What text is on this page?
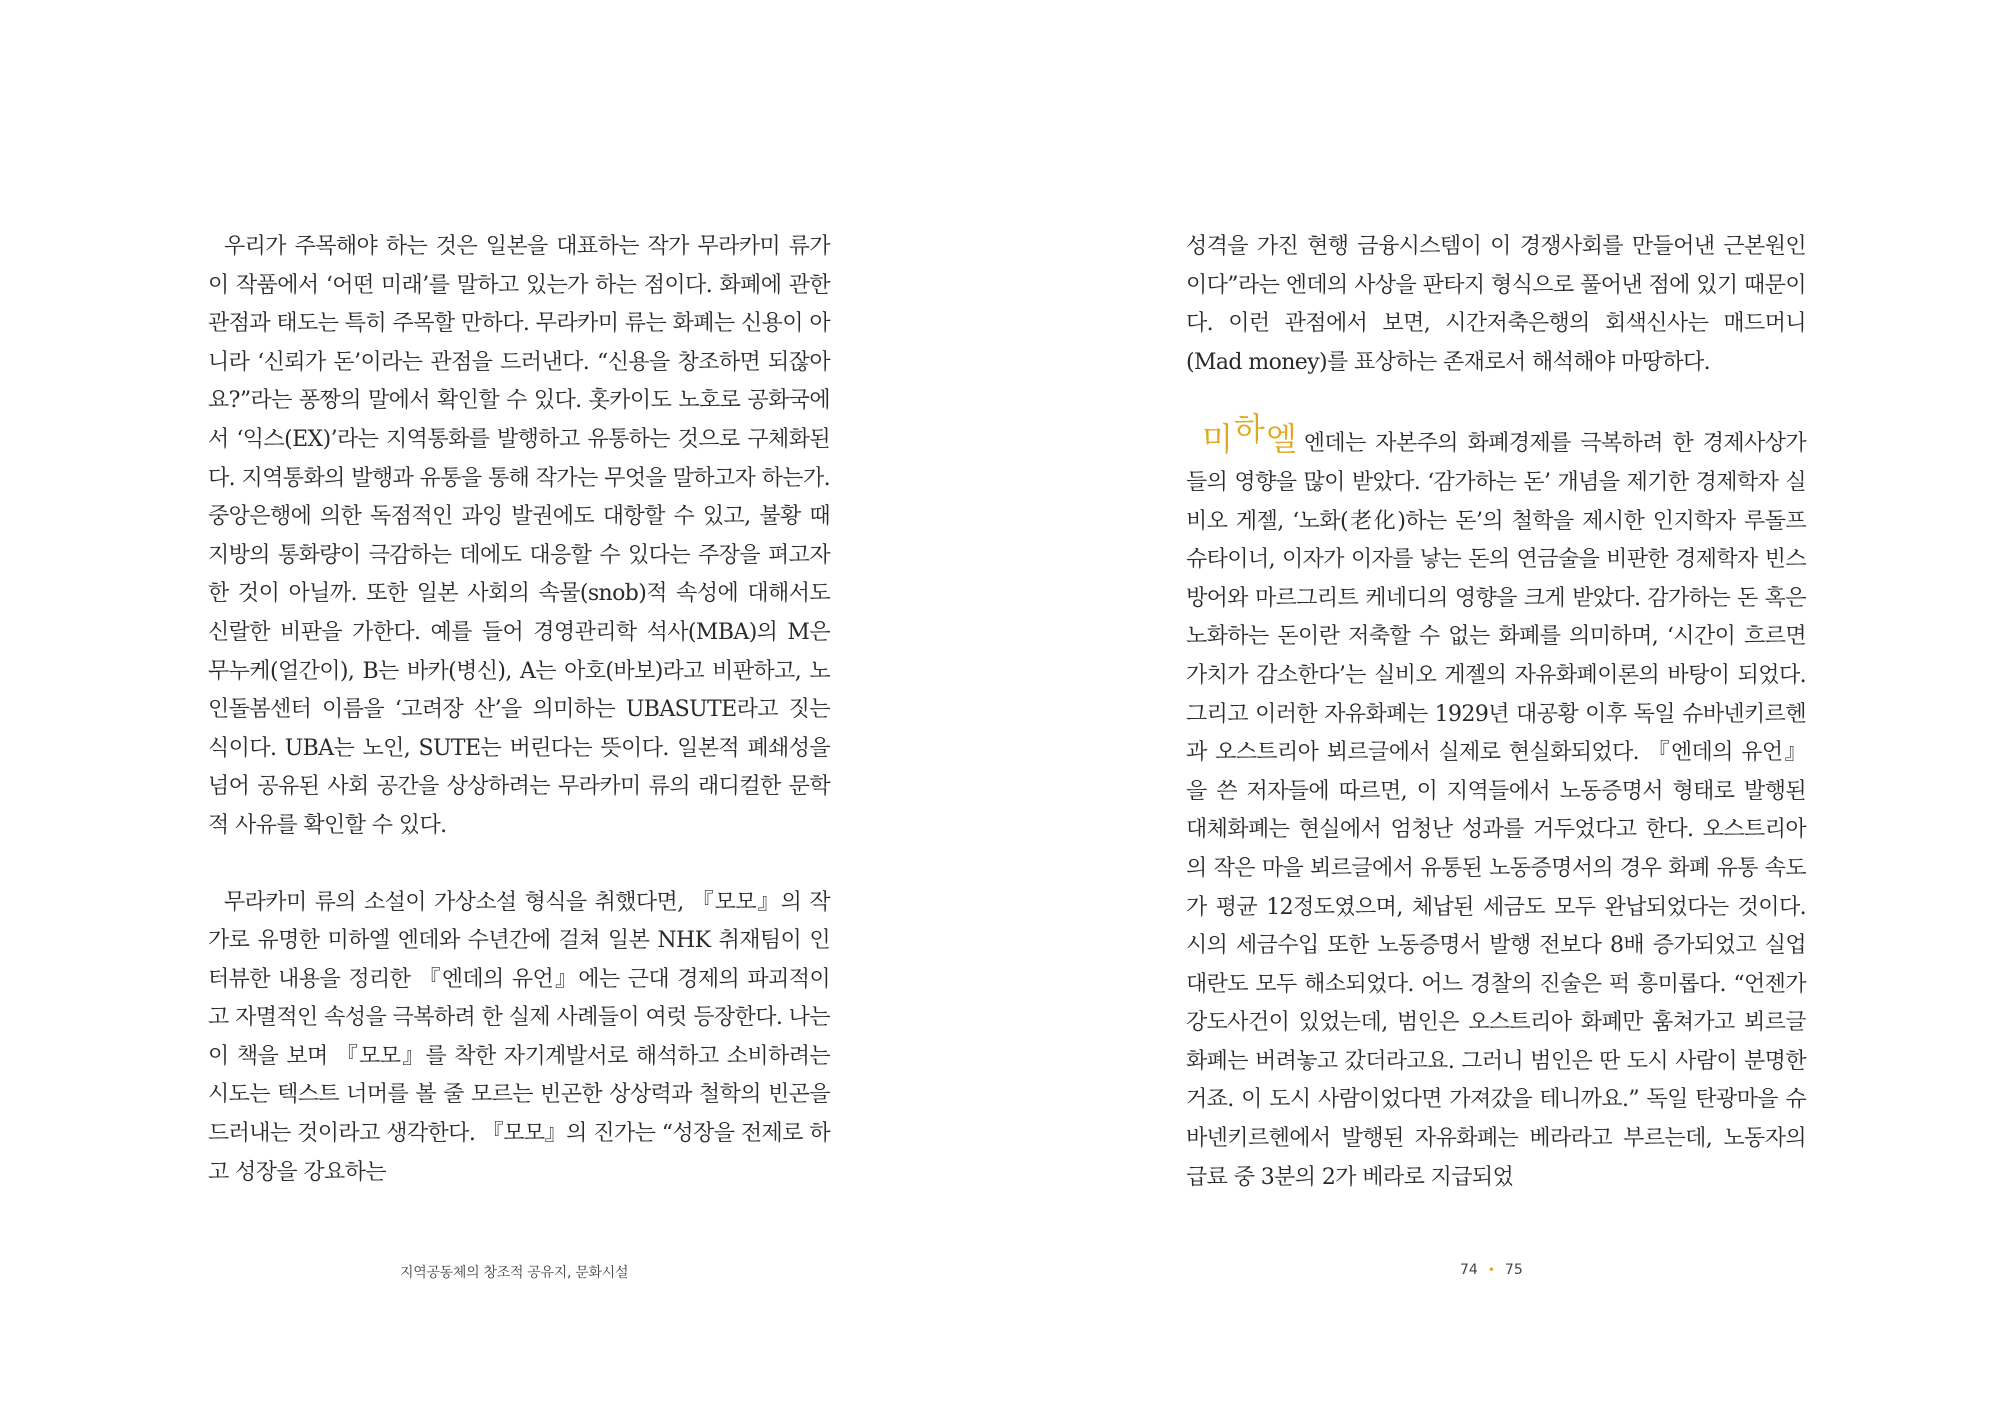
우리가 주목해야 하는 것은 일본을 대표하는 작가 무라카미 류가 이 작품에서 ‘어떤 미래’를 말하고 있는가 하는 점이다. 화폐에 관한 관점과 태도는 특히 주목할 만하다. 무라카미 류는 화폐는 신용이 아니라 ‘신뢰가 돈’이라는 관점을 드러낸다. “신용을 창조하면 되잖아요?”라는 퐁짱의 말에서 확인할 수 있다. 홋카이도 노호로 공화국에서 ‘익스(EX)’라는 지역통화를 발행하고 유통하는 것으로 구체화된다. 지역통화의 발행과 유통을 통해 작가는 무엇을 말하고자 하는가. 중앙은행에 의한 독점적인 과잉 발권에도 대항할 수 있고, 불황 때 지방의 통화량이 극감하는 데에도 대응할 수 있다는 주장을 펴고자 한 것이 아닐까. 또한 일본 사회의 속물(snob)적 속성에 대해서도 신랄한 비판을 가한다. 예를 들어 경영관리학 석사(MBA)의 M은 무누케(얼간이), B는 바카(병신), A는 아호(바보)라고 비판하고, 노인돌봄센터 이름을 ‘고려장 산’을 의미하는 UBASUTE라고 짓는 식이다. UBA는 노인, SUTE는 버린다는 뜻이다. 일본적 폐쇄성을 넘어 공유된 사회 공간을 상상하려는 무라카미 류의 래디컬한 문학적 사유를 확인할 수 있다.

무라카미 류의 소설이 가상소설 형식을 취했다면, 『모모』의 작가로 유명한 미하엘 엔데와 수년간에 걸쳐 일본 NHK 취재팀이 인터뷰한 내용을 정리한 『엔데의 유언』에는 근대 경제의 파괴적이고 자멸적인 속성을 극복하려 한 실제 사례들이 여럿 등장한다. 나는 이 책을 보며 『모모』를 착한 자기계발서로 해석하고 소비하려는 시도는 텍스트 너머를 볼 줄 모르는 빈곤한 상상력과 철학의 빈곤을 드러내는 것이라고 생각한다. 『모모』의 진가는 “성장을 전제로 하고 성장을 강요하는

지역공동체의 창조적 공유지, 문화시설

성격을 가진 현행 금융시스템이 이 경쟁사회를 만들어낸 근본원인이다”라는 엔데의 사상을 판타지 형식으로 풀어낸 점에 있기 때문이다. 이런 관점에서 보면, 시간저축은행의 회색신사는 매드머니(Mad money)를 표상하는 존재로서 해석해야 마땅하다.

미하엘 엔데는 자본주의 화폐경제를 극복하려 한 경제사상가들의 영향을 많이 받았다. ‘감가하는 돈’ 개념을 제기한 경제학자 실비오 게젤, ‘노화(老化)하는 돈’의 철학을 제시한 인지학자 루돌프 슈타이너, 이자가 이자를 낳는 돈의 연금술을 비판한 경제학자 빈스방어와 마르그리트 케네디의 영향을 크게 받았다. 감가하는 돈 혹은 노화하는 돈이란 저축할 수 없는 화폐를 의미하며, ‘시간이 흐르면 가치가 감소한다’는 실비오 게젤의 자유화폐이론의 바탕이 되었다. 그리고 이러한 자유화폐는 1929년 대공황 이후 독일 슈바넨키르헨과 오스트리아 뵈르글에서 실제로 현실화되었다. 『엔데의 유언』을 쓴 저자들에 따르면, 이 지역들에서 노동증명서 형태로 발행된 대체화폐는 현실에서 엄청난 성과를 거두었다고 한다. 오스트리아의 작은 마을 뵈르글에서 유통된 노동증명서의 경우 화폐 유통 속도가 평균 12정도였으며, 체납된 세금도 모두 완납되었다는 것이다. 시의 세금수입 또한 노동증명서 발행 전보다 8배 증가되었고 실업대란도 모두 해소되었다. 어느 경찰의 진술은 퍽 흥미롭다. “언젠가 강도사건이 있었는데, 범인은 오스트리아 화폐만 훔쳐가고 뵈르글 화폐는 버려놓고 갔더라고요. 그러니 범인은 딴 도시 사람이 분명한 거죠. 이 도시 사람이었다면 가져갔을 테니까요.” 독일 탄광마을 슈바넨키르헨에서 발행된 자유화폐는 베라라고 부르는데, 노동자의 급료 중 3분의 2가 베라로 지급되었

74 • 75
